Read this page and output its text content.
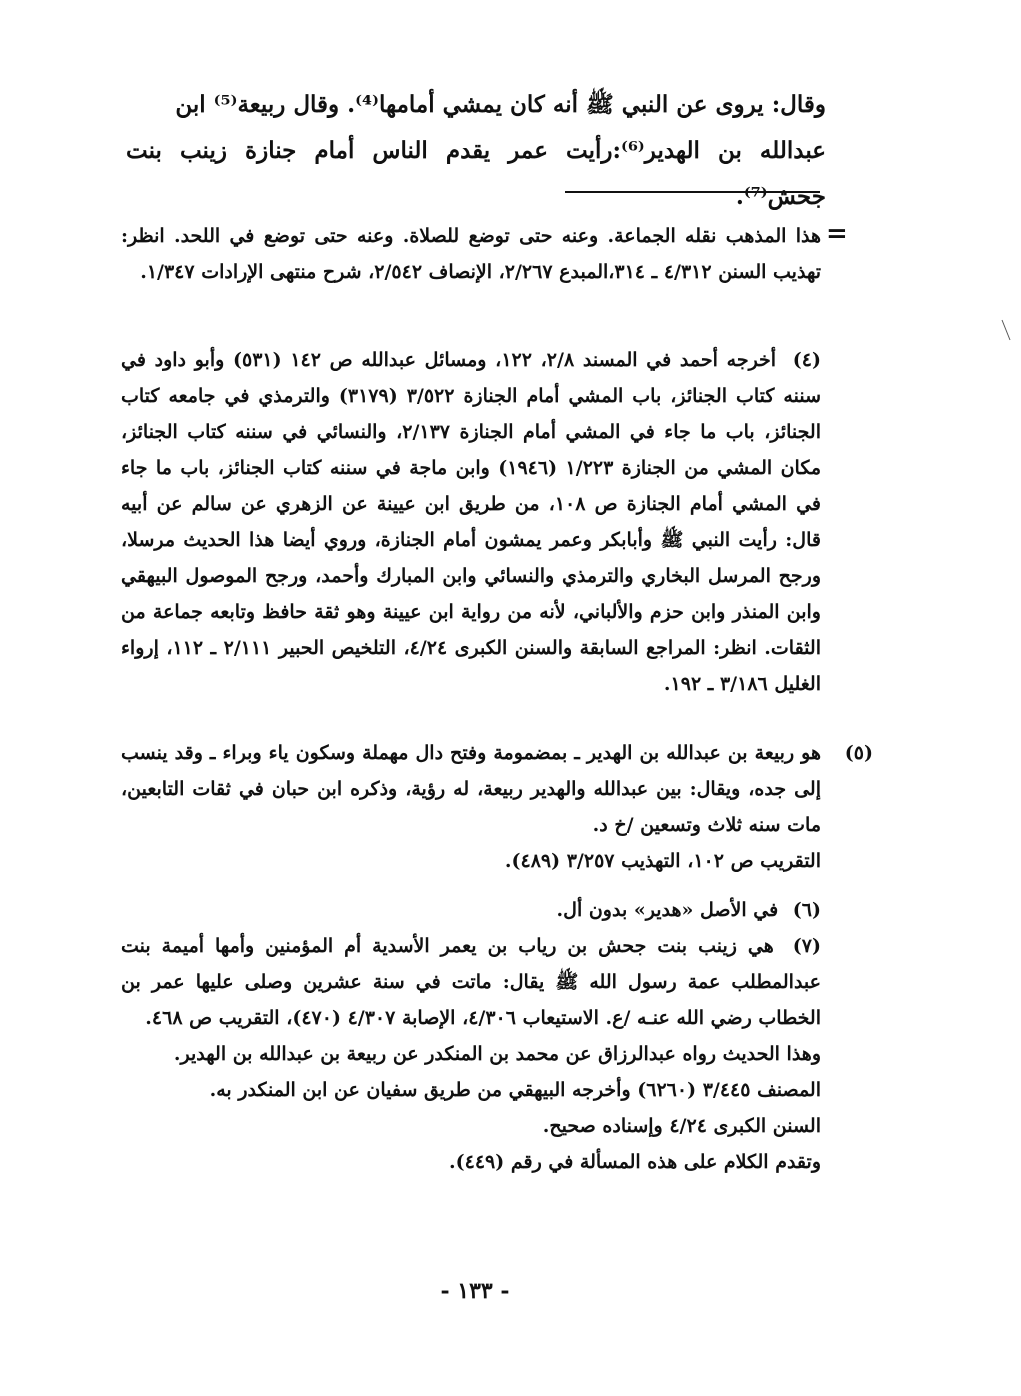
وقال: يروى عن النبي ﷺ أنه كان يمشي أمامها⁽⁴⁾. وقال ربيعة⁽⁵⁾ ابن
عبدالله بن الهدير⁽⁶⁾:رأيت عمر يقدم الناس أمام جنازة زينب بنت جحش⁽⁷⁾.
=

هذا المذهب نقله الجماعة. وعنه حتى توضع للصلاة. وعنه حتى توضع في اللحد. انظر: تهذيب السنن ٤/٣١٢ ـ ٣١٤،المبدع ٢/٢٦٧، الإنصاف ٢/٥٤٢، شرح منتهى الإرادات ١/٣٤٧.

(٤) أخرجه أحمد في المسند ٢/٨، ١٢٢، ومسائل عبدالله ص ١٤٢ (٥٣١) وأبو داود في سننه كتاب الجنائز، باب المشي أمام الجنازة ٣/٥٢٢ (٣١٧٩) والترمذي في جامعه كتاب الجنائز، باب ما جاء في المشي أمام الجنازة ٢/١٣٧، والنسائي في سننه كتاب الجنائز، مكان المشي من الجنازة ١/٢٢٣ (١٩٤٦) وابن ماجة في سننه كتاب الجنائز، باب ما جاء في المشي أمام الجنازة ص ١٠٨، من طريق ابن عيينة عن الزهري عن سالم عن أبيه قال: رأيت النبي ﷺ وأبابكر وعمر يمشون أمام الجنازة، وروي أيضا هذا الحديث مرسلا، ورجح المرسل البخاري والترمذي والنسائي وابن المبارك وأحمد، ورجح الموصول البيهقي وابن المنذر وابن حزم والألباني، لأنه من رواية ابن عيينة وهو ثقة حافظ وتابعه جماعة من الثقات. انظر: المراجع السابقة والسنن الكبرى ٤/٢٤، التلخيص الحبير ٢/١١١ ـ ١١٢، إرواء الغليل ٣/١٨٦ ـ ١٩٢.

(٥)
هو ربيعة بن عبدالله بن الهدير ـ بمضمومة وفتح دال مهملة وسكون ياء وبراء ـ وقد ينسب إلى جده، ويقال: بين عبدالله والهدير ربيعة، له رؤية، وذكره ابن حبان في ثقات التابعين، مات سنه ثلاث وتسعين /خ د.

التقريب ص ١٠٢، التهذيب ٣/٢٥٧ (٤٨٩).

(٦) في الأصل «هدير» بدون أل.

(٧) هي زينب بنت جحش بن رياب بن يعمر الأسدية أم المؤمنين وأمها أميمة بنت عبدالمطلب عمة رسول الله ﷺ يقال: ماتت في سنة عشرين وصلى عليها عمر بن الخطاب رضي الله عنـه /ع. الاستيعاب ٤/٣٠٦، الإصابة ٤/٣٠٧ (٤٧٠)، التقريب ص ٤٦٨.

وهذا الحديث رواه عبدالرزاق عن محمد بن المنكدر عن ربيعة بن عبدالله بن الهدير.

المصنف ٣/٤٤٥ (٦٢٦٠) وأخرجه البيهقي من طريق سفيان عن ابن المنكدر به.

السنن الكبرى ٤/٢٤ وإسناده صحيح.

وتقدم الكلام على هذه المسألة في رقم (٤٤٩).

- ١٣٣ -
